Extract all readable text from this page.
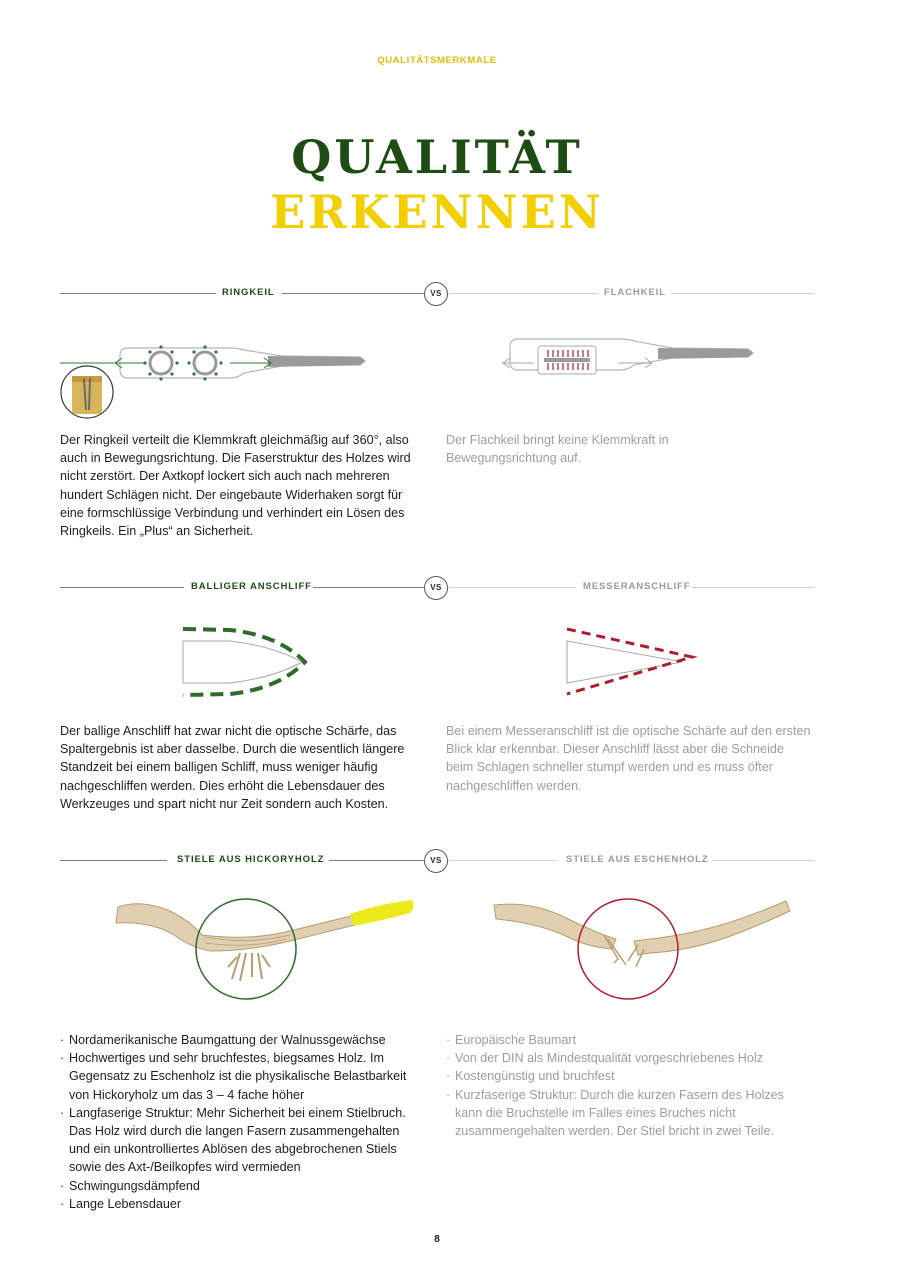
QUALITÄTSMERKMALE
QUALITÄT
ERKENNEN
RINGKEIL	VS	FLACHKEIL
Der Ringkeil verteilt die Klemmkraft gleichmäßig auf 360°, also auch in Bewegungsrichtung. Die Faserstruktur des Holzes wird nicht zerstört. Der Axtkopf lockert sich auch nach mehreren hundert Schlägen nicht. Der eingebaute Widerhaken sorgt für eine formschlüssige Verbindung und verhindert ein Lösen des Ringkeils. Ein „Plus“ an Sicherheit.
Der Flachkeil bringt keine Klemmkraft in Bewegungsrichtung auf.
BALLIGER ANSCHLIFF	VS	MESSERANSCHLIFF
Der ballige Anschliff hat zwar nicht die optische Schärfe, das Spaltergebnis ist aber dasselbe. Durch die wesentlich längere Standzeit bei einem balligen Schliff, muss weniger häufig nachgeschliffen werden. Dies erhöht die Lebensdauer des Werkzeuges und spart nicht nur Zeit sondern auch Kosten.
Bei einem Messeranschliff ist die optische Schärfe auf den ersten Blick klar erkennbar. Dieser Anschliff lässt aber die Schneide beim Schlagen schneller stumpf werden und es muss öfter nachgeschliffen werden.
STIELE AUS HICKORYHOLZ	VS	STIELE AUS ESCHENHOLZ
· Nordamerikanische Baumgattung der Walnussgewächse
· Hochwertiges und sehr bruchfestes, biegsames Holz. Im Gegensatz zu Eschenholz ist die physikalische Belastbarkeit von Hickoryholz um das 3 – 4 fache höher
· Langfaserige Struktur: Mehr Sicherheit bei einem Stielbruch. Das Holz wird durch die langen Fasern zusammengehalten und ein unkontrolliertes Ablösen des abgebrochenen Stiels sowie des Axt-/Beilkopfes wird vermieden
· Schwingungsdämpfend
· Lange Lebensdauer
· Europäische Baumart
· Von der DIN als Mindestqualität vorgeschriebenes Holz
· Kostengünstig und bruchfest
· Kurzfaserige Struktur: Durch die kurzen Fasern des Holzes kann die Bruchstelle im Falles eines Bruches nicht zusammengehalten werden. Der Stiel bricht in zwei Teile.
8
